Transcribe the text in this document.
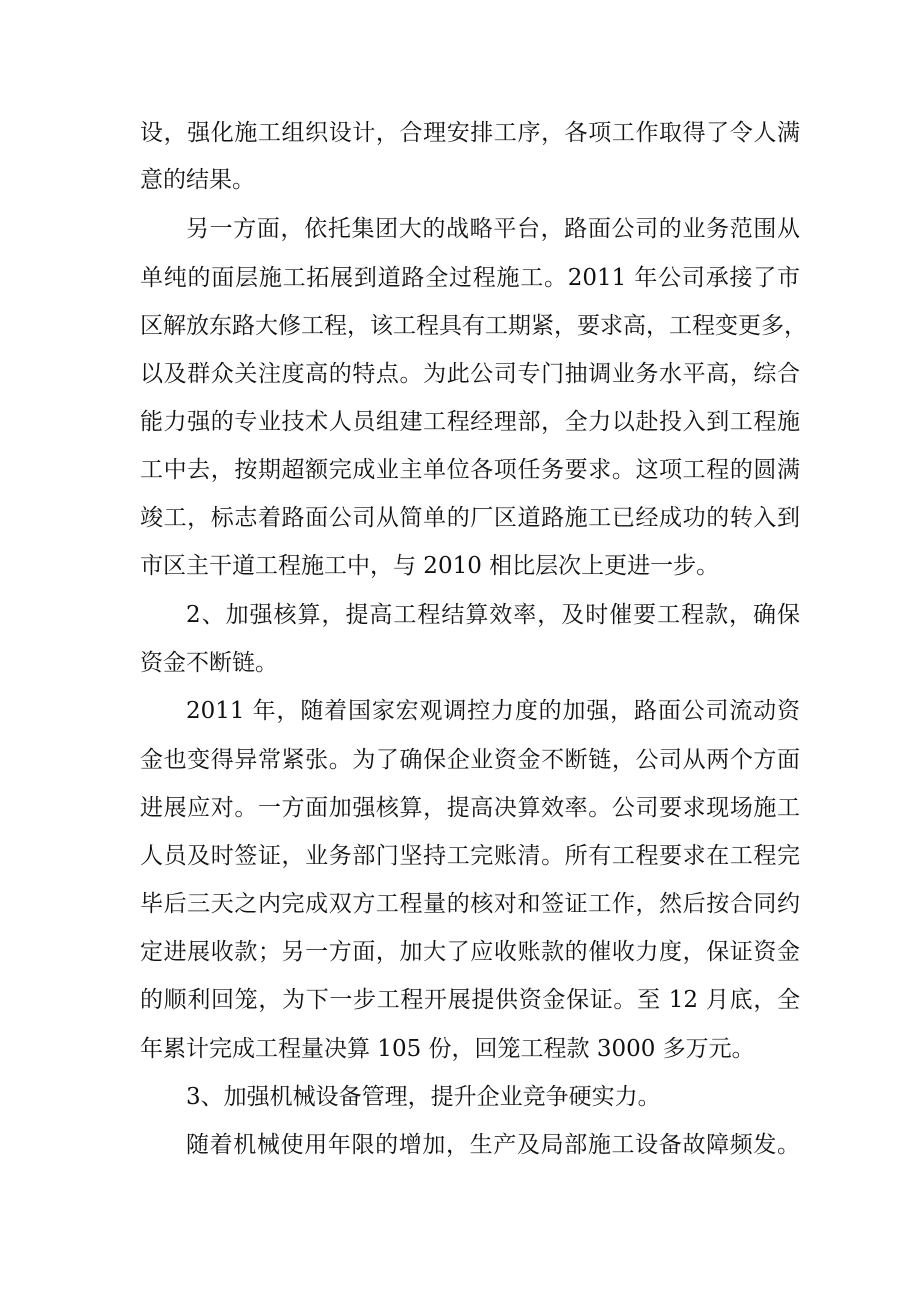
设，强化施工组织设计，合理安排工序，各项工作取得了令人满
意的结果。
另一方面，依托集团大的战略平台，路面公司的业务范围从
单纯的面层施工拓展到道路全过程施工。2011 年公司承接了市
区解放东路大修工程，该工程具有工期紧，要求高，工程变更多，
以及群众关注度高的特点。为此公司专门抽调业务水平高，综合
能力强的专业技术人员组建工程经理部，全力以赴投入到工程施
工中去，按期超额完成业主单位各项任务要求。这项工程的圆满
竣工，标志着路面公司从简单的厂区道路施工已经成功的转入到
市区主干道工程施工中，与 2010 相比层次上更进一步。
2、加强核算，提高工程结算效率，及时催要工程款，确保
资金不断链。
2011 年，随着国家宏观调控力度的加强，路面公司流动资
金也变得异常紧张。为了确保企业资金不断链，公司从两个方面
进展应对。一方面加强核算，提高决算效率。公司要求现场施工
人员及时签证，业务部门坚持工完账清。所有工程要求在工程完
毕后三天之内完成双方工程量的核对和签证工作，然后按合同约
定进展收款；另一方面，加大了应收账款的催收力度，保证资金
的顺利回笼，为下一步工程开展提供资金保证。至 12 月底，全
年累计完成工程量决算 105 份，回笼工程款 3000 多万元。
3、加强机械设备管理，提升企业竞争硬实力。
随着机械使用年限的增加，生产及局部施工设备故障频发。
